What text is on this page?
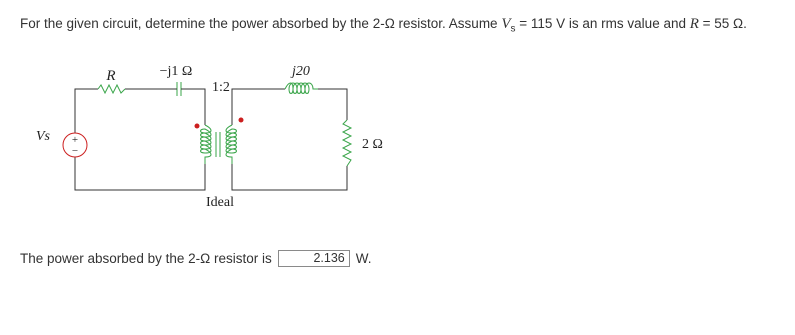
For the given circuit, determine the power absorbed by the 2-Ω resistor. Assume $V_s = 115$ V is an rms value and R = 55 Ω.
+
−
R	−j1 Ω
1:2
j20
Vs
2 Ω
Ideal
The power absorbed by the 2-Ω resistor is	2.136 W.
